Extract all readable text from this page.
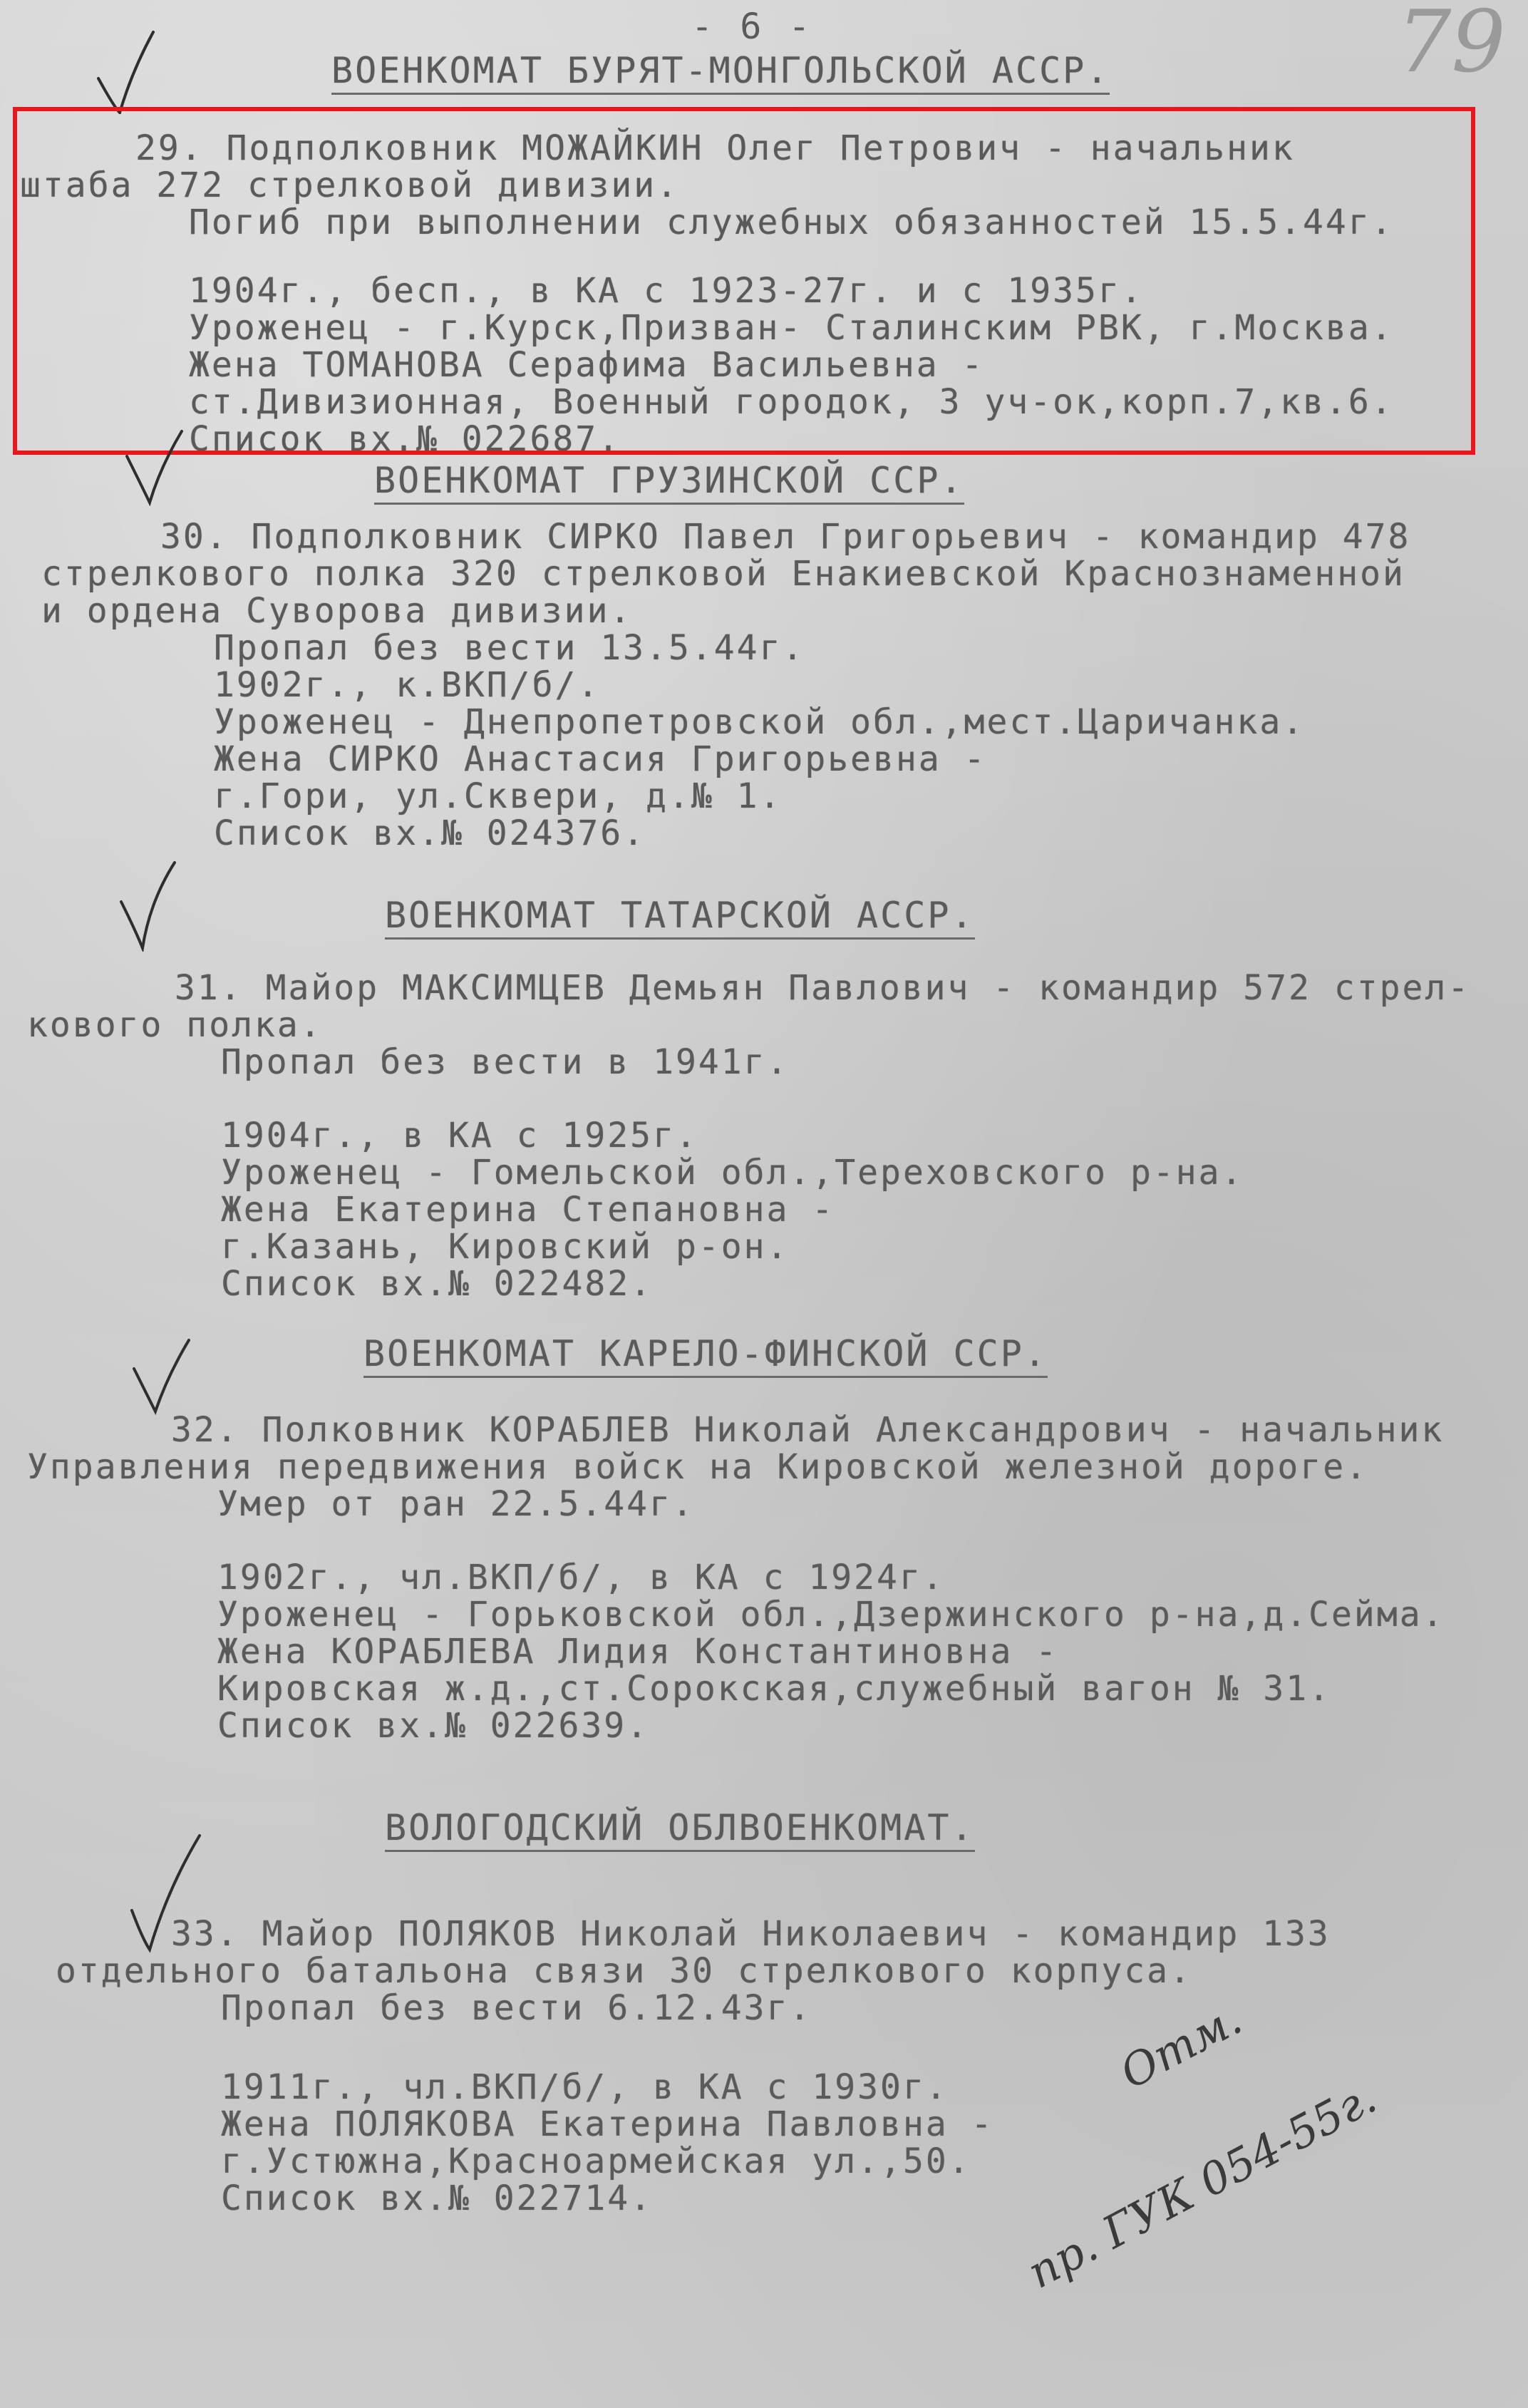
- 6 -	79
ВОЕНКОМАТ БУРЯТ-МОНГОЛЬСКОЙ АССР.
29. Подполковник МОЖАЙКИН Олег Петрович - начальник
штаба 272 стрелковой дивизии.
Погиб при выполнении служебных обязанностей 15.5.44г.
1904г., бесп., в КА с 1923-27г. и с 1935г.
Уроженец - г.Курск,Призван- Сталинским РВК, г.Москва.
Жена ТОМАНОВА Серафима Васильевна -
ст.Дивизионная, Военный городок, 3 уч-ок,корп.7,кв.6.
Список вх.№ 022687.
ВОЕНКОМАТ ГРУЗИНСКОЙ ССР.
30. Подполковник СИРКО Павел Григорьевич - командир 478
стрелкового полка 320 стрелковой Енакиевской Краснознаменной
и ордена Суворова дивизии.
Пропал без вести 13.5.44г.
1902г., к.ВКП/б/.
Уроженец - Днепропетровской обл.,мест.Царичанка.
Жена СИРКО Анастасия Григорьевна -
г.Гори, ул.Сквери, д.№ 1.
Список вх.№ 024376.
ВОЕНКОМАТ ТАТАРСКОЙ АССР.
31. Майор МАКСИМЦЕВ Демьян Павлович - командир 572 стрел-
кового полка.
Пропал без вести в 1941г.
1904г., в КА с 1925г.
Уроженец - Гомельской обл.,Тереховского р-на.
Жена Екатерина Степановна -
г.Казань, Кировский р-он.
Список вх.№ 022482.
ВОЕНКОМАТ КАРЕЛО-ФИНСКОЙ ССР.
32. Полковник КОРАБЛЕВ Николай Александрович - начальник
Управления передвижения войск на Кировской железной дороге.
Умер от ран 22.5.44г.
1902г., чл.ВКП/б/, в КА с 1924г.
Уроженец - Горьковской обл.,Дзержинского р-на,д.Сейма.
Жена КОРАБЛЕВА Лидия Константиновна -
Кировская ж.д.,ст.Сорокская,служебный вагон № 31.
Список вх.№ 022639.
ВОЛОГОДСКИЙ ОБЛВОЕНКОМАТ.
33. Майор ПОЛЯКОВ Николай Николаевич - командир 133
отдельного батальона связи 30 стрелкового корпуса.
Пропал без вести 6.12.43г.
1911г., чл.ВКП/б/, в КА с 1930г.
Жена ПОЛЯКОВА Екатерина Павловна -
г.Устюжна,Красноармейская ул.,50.
Список вх.№ 022714.
Отм.
пр. ГУК 054-55г.
